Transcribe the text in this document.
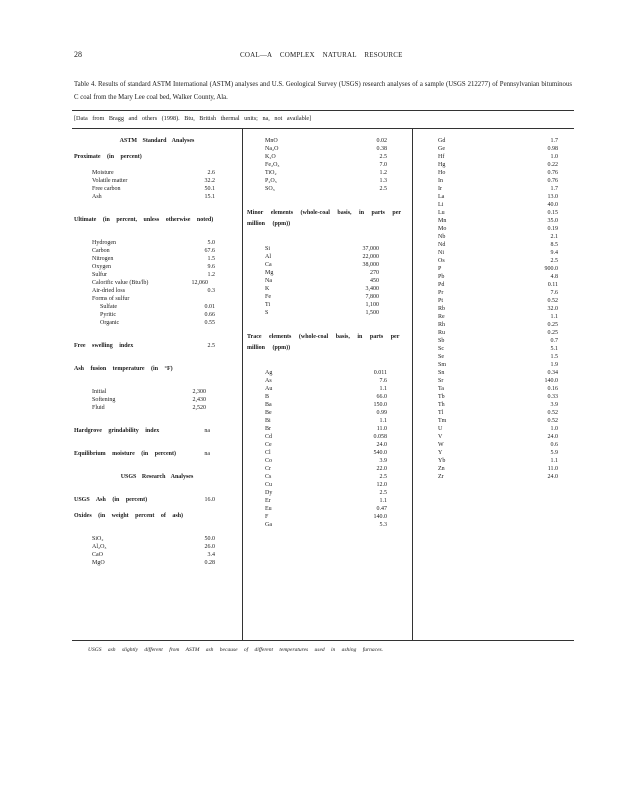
28	COAL—A COMPLEX NATURAL RESOURCE
Table 4. Results of standard ASTM International (ASTM) analyses and U.S. Geological Survey (USGS) research analyses of a sample (USGS 212277) of Pennsylvanian bituminous C coal from the Mary Lee coal bed, Walker County, Ala.
[Data from Bragg and others (1998). Btu, British thermal units; na, not available]
ASTM Standard Analyses
Proximate (in percent)
Moisture	2.6
Volatile matter	32.2
Free carbon	50.1
Ash	15.1
Ultimate (in percent, unless otherwise noted)
Hydrogen	5.0
Carbon	67.6
Nitrogen	1.5
Oxygen	9.6
Sulfur	1.2
Calorific value (Btu/lb)	12,060
Air-dried loss	0.3
Forms of sulfur
Sulfate	0.01
Pyritic	0.66
Organic	0.55
Free swelling index	2.5
Ash fusion temperature (in °F)
Initial	2,300
Softening	2,430
Fluid	2,520
Hardgrove grindability index	na
Equilibrium moisture (in percent)	na
USGS Research Analyses
USGS Ash (in percent)	16.0
Oxides (in weight percent of ash)
SiO₂	50.0
Al₂O₃	26.0
CaO	3.4
MgO	0.28
MnO	0.02
Na₂O	0.38
K₂O	2.5
Fe₂O₃	7.0
TiO₂	1.2
P₂O₅	1.3
SO₃	2.5
Minor elements (whole-coal basis, in parts per million (ppm))
Si	37,000
Al	22,000
Ca	38,000
Mg	270
Na	450
K	3,400
Fe	7,800
Ti	1,100
S	1,500
Trace elements (whole-coal basis, in parts per million (ppm))
Ag	0.011
As	7.6
Au	1.1
B	66.0
Ba	150.0
Be	0.99
Bi	1.1
Br	11.0
Cd	0.058
Ce	24.0
Cl	540.0
Co	3.9
Cr	22.0
Cs	2.5
Cu	12.0
Dy	2.5
Er	1.1
Eu	0.47
F	140.0
Ga	5.3
Gd	1.7
Ge	0.98
Hf	1.0
Hg	0.22
Ho	0.76
In	0.76
Ir	1.7
La	13.0
Li	40.0
Lu	0.15
Mn	35.0
Mo	0.19
Nb	2.1
Nd	8.5
Ni	9.4
Os	2.5
P	900.0
Pb	4.8
Pd	0.11
Pr	7.6
Pt	0.52
Rb	32.0
Re	1.1
Rh	0.25
Ru	0.25
Sb	0.7
Sc	5.1
Se	1.5
Sm	1.9
Sn	0.34
Sr	140.0
Ta	0.16
Tb	0.33
Th	3.9
Tl	0.52
Tm	0.52
U	1.0
V	24.0
W	0.6
Y	5.9
Yb	1.1
Zn	11.0
Zr	24.0
USGS ash slightly different from ASTM ash because of different temperatures used in ashing furnaces.
